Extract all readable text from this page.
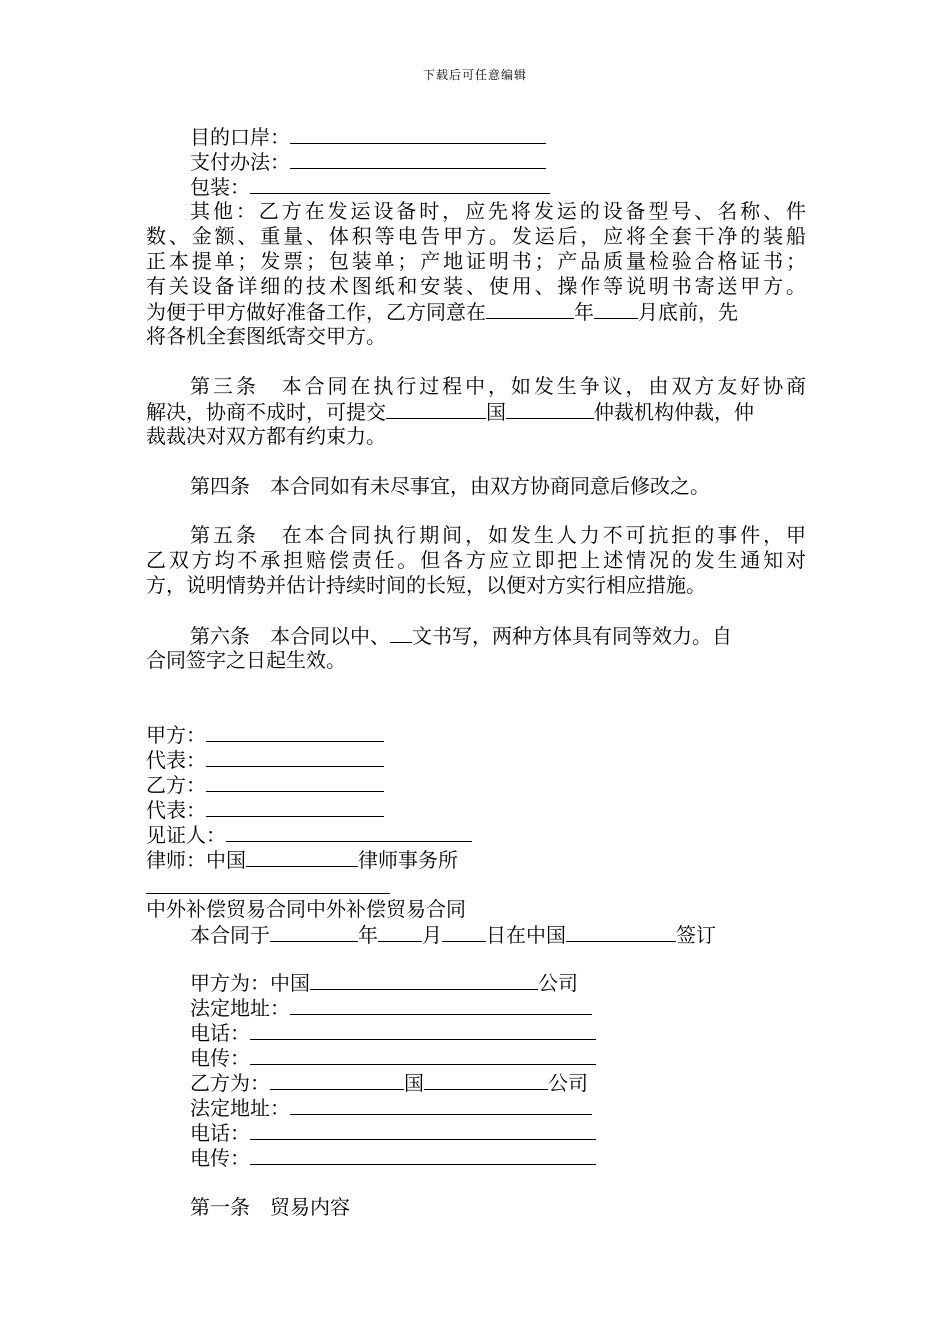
下载后可任意编辑
目的口岸：
支付办法：
包装：
其他：乙方在发运设备时，应先将发运的设备型号、名称、件
数、金额、重量、体积等电告甲方。发运后，应将全套干净的装船
正本提单；发票；包装单；产地证明书；产品质量检验合格证书；
有关设备详细的技术图纸和安装、使用、操作等说明书寄送甲方。
为便于甲方做好准备工作，乙方同意在	年 月底前，先
将各机全套图纸寄交甲方。
第三条　本合同在执行过程中，如发生争议，由双方友好协商
解决，协商不成时，可提交	国	仲裁机构仲裁，仲
裁裁决对双方都有约束力。
第四条　本合同如有未尽事宜，由双方协商同意后修改之。
第五条　在本合同执行期间，如发生人力不可抗拒的事件，甲
乙双方均不承担赔偿责任。但各方应立即把上述情况的发生通知对
方，说明情势并估计持续时间的长短，以便对方实行相应措施。
第六条　本合同以中、 文书写，两种方体具有同等效力。自
合同签字之日起生效。
甲方：
代表：
乙方：
代表：
见证人：
律师：中国	律师事务所
中外补偿贸易合同中外补偿贸易合同
本合同于	年 月 日在中国	签订
甲方为：中国	公司
法定地址：
电话：
电传：
乙方为：	国	公司
法定地址：
电话：
电传：
第一条　贸易内容
